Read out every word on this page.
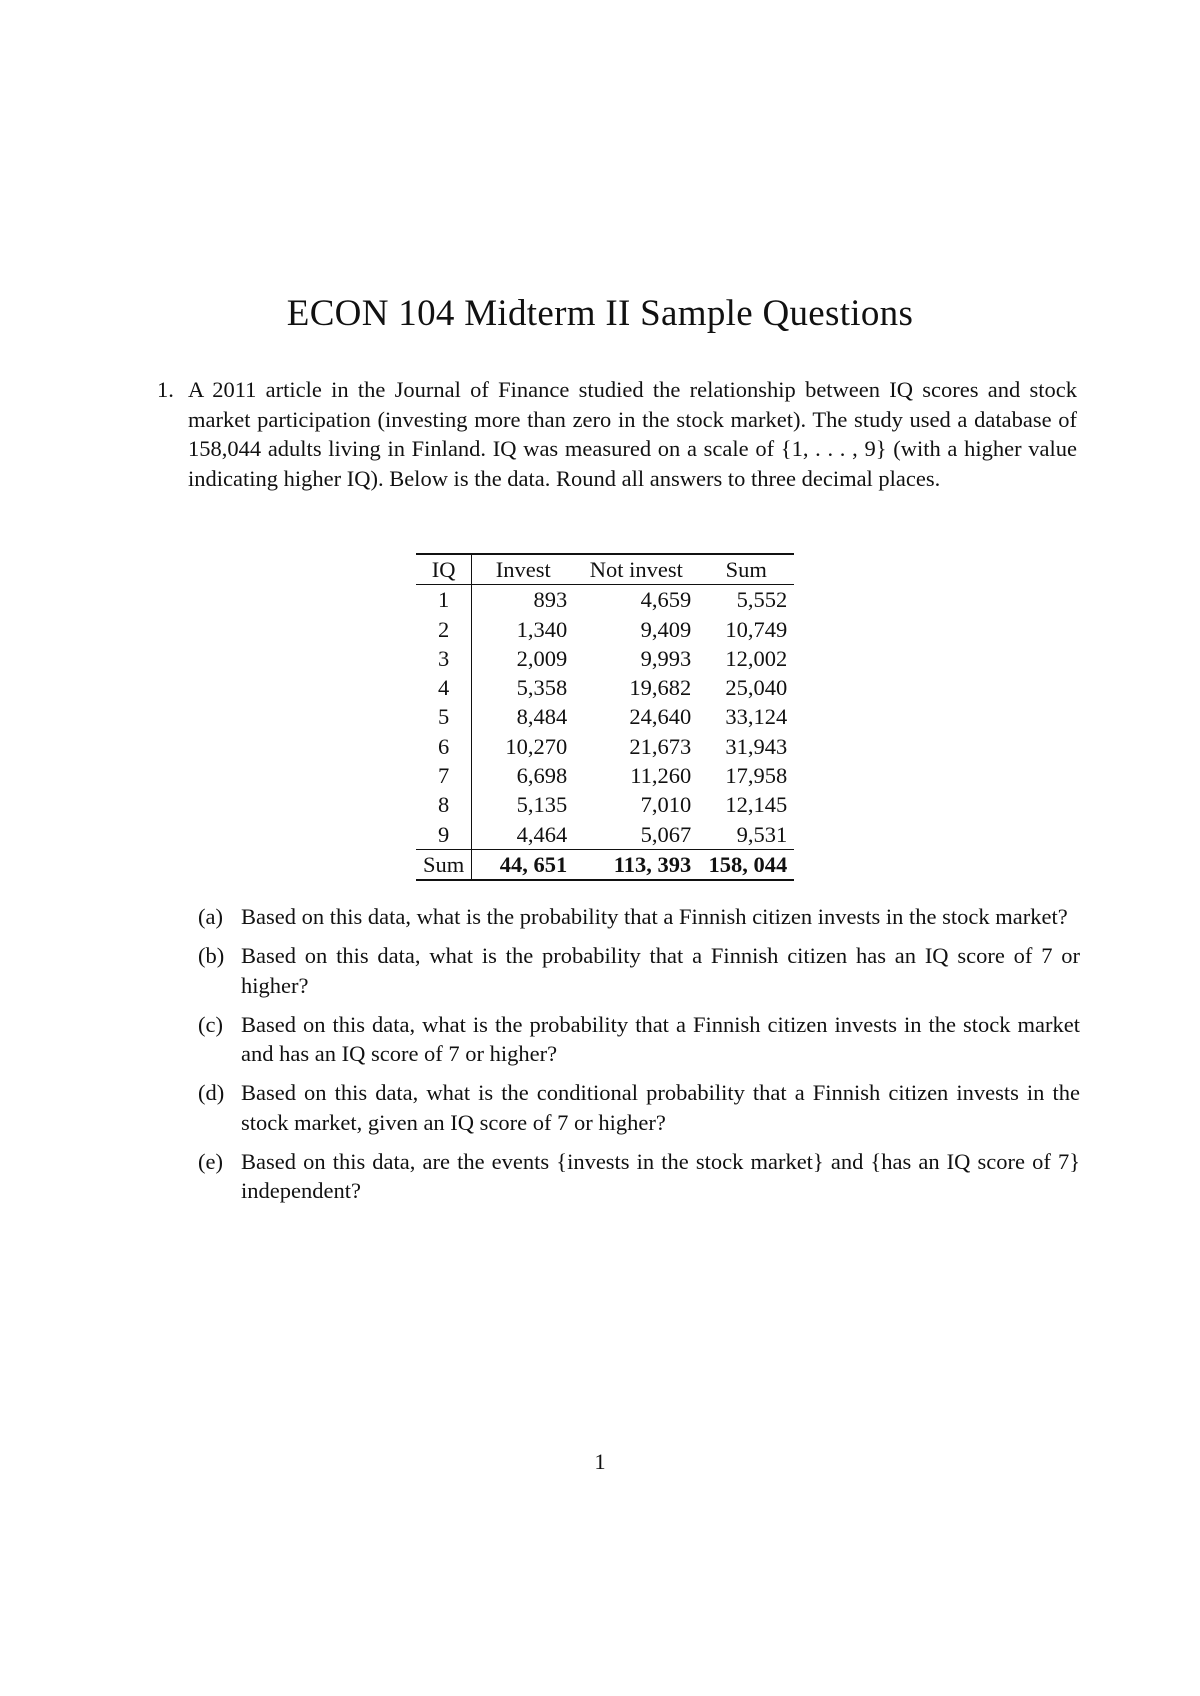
ECON 104 Midterm II Sample Questions
1. A 2011 article in the Journal of Finance studied the relationship between IQ scores and stock market participation (investing more than zero in the stock market). The study used a database of 158,044 adults living in Finland. IQ was measured on a scale of {1, . . . , 9} (with a higher value indicating higher IQ). Below is the data. Round all answers to three decimal places.
IQ	Invest	Not invest	Sum
1	893	4,659	5,552
2	1,340	9,409	10,749
3	2,009	9,993	12,002
4	5,358	19,682	25,040
5	8,484	24,640	33,124
6	10,270	21,673	31,943
7	6,698	11,260	17,958
8	5,135	7,010	12,145
9	4,464	5,067	9,531
Sum	44, 651	113, 393	158, 044
(a) Based on this data, what is the probability that a Finnish citizen invests in the stock market?
(b) Based on this data, what is the probability that a Finnish citizen has an IQ score of 7 or higher?
(c) Based on this data, what is the probability that a Finnish citizen invests in the stock market and has an IQ score of 7 or higher?
(d) Based on this data, what is the conditional probability that a Finnish citizen invests in the stock market, given an IQ score of 7 or higher?
(e) Based on this data, are the events {invests in the stock market} and {has an IQ score of 7} independent?
1
